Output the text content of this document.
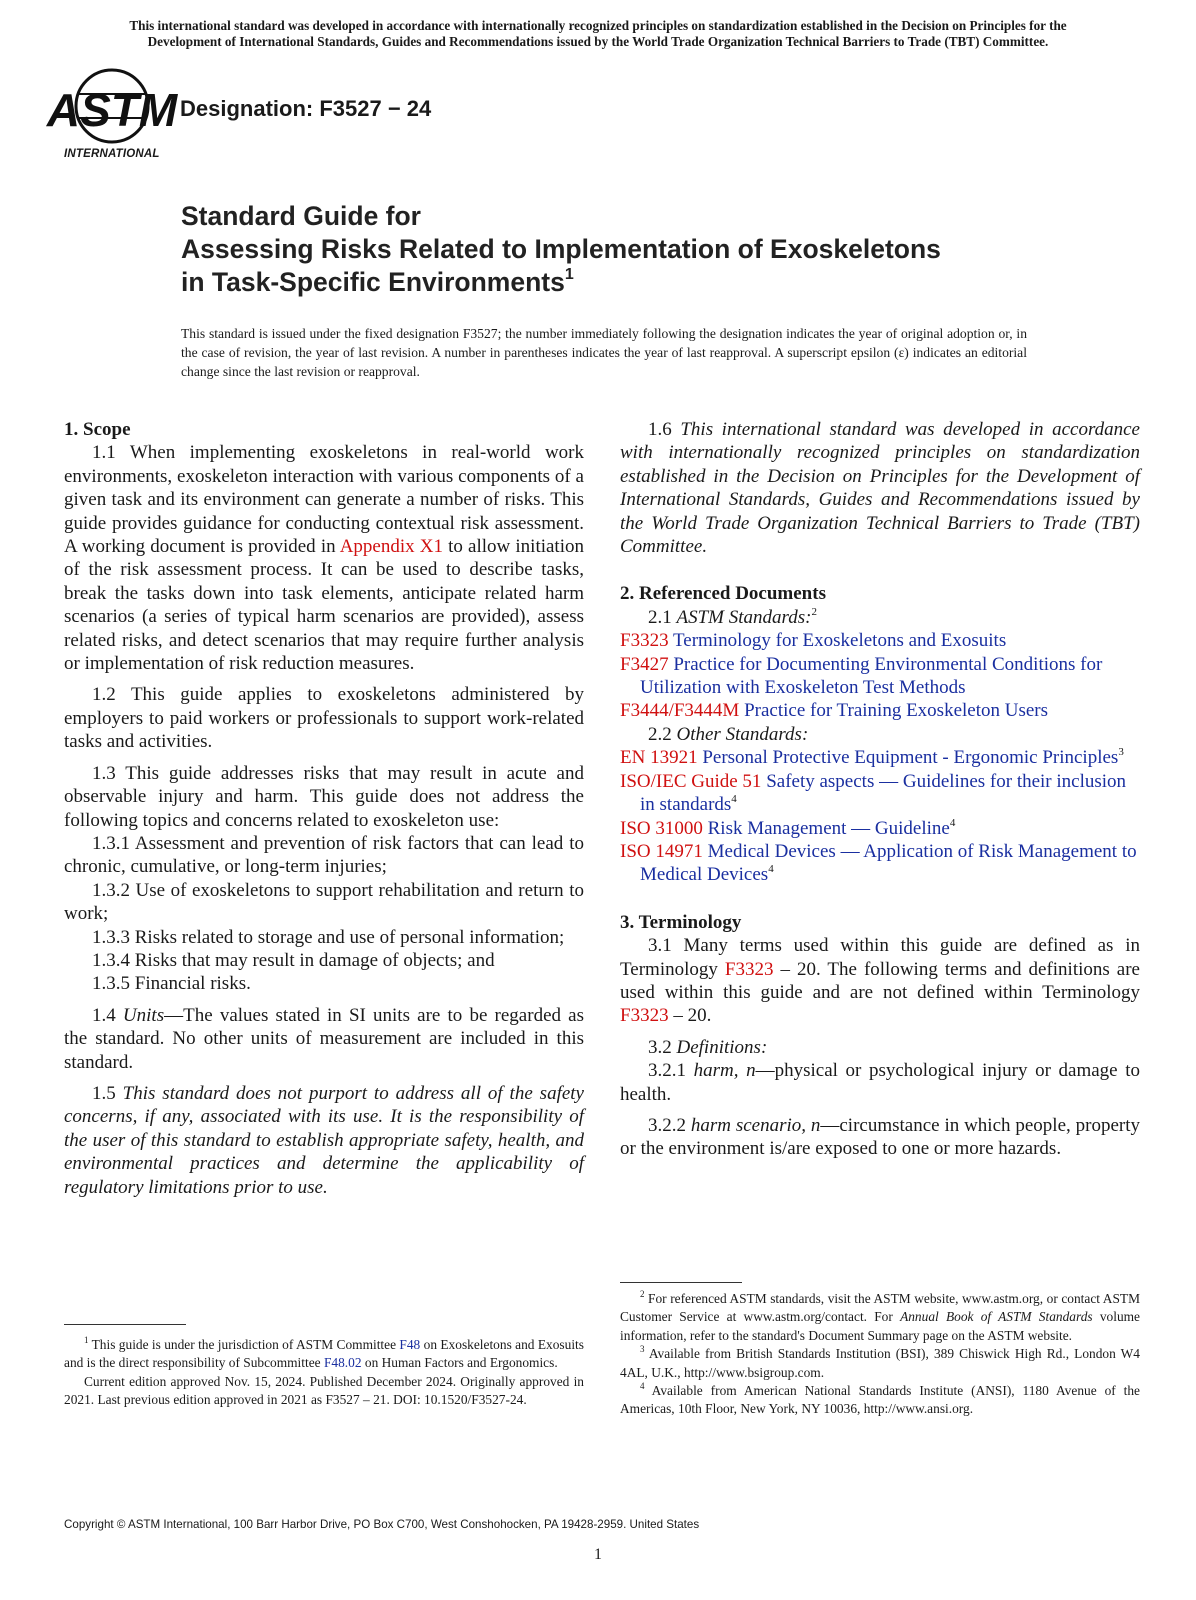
This international standard was developed in accordance with internationally recognized principles on standardization established in the Decision on Principles for the
Development of International Standards, Guides and Recommendations issued by the World Trade Organization Technical Barriers to Trade (TBT) Committee.
ASTM
INTERNATIONAL
Designation: F3527 − 24
Standard Guide for
Assessing Risks Related to Implementation of Exoskeletons
in Task-Specific Environments$^1$
This standard is issued under the fixed designation F3527; the number immediately following the designation indicates the year of original adoption or, in the case of revision, the year of last revision. A number in parentheses indicates the year of last reapproval. A superscript epsilon (ε) indicates an editorial change since the last revision or reapproval.

1. Scope

1.1 When implementing exoskeletons in real-world work environments, exoskeleton interaction with various components of a given task and its environment can generate a number of risks. This guide provides guidance for conducting contextual risk assessment. A working document is provided in Appendix X1 to allow initiation of the risk assessment process. It can be used to describe tasks, break the tasks down into task elements, anticipate related harm scenarios (a series of typical harm scenarios are provided), assess related risks, and detect scenarios that may require further analysis or implementation of risk reduction measures.

1.2 This guide applies to exoskeletons administered by employers to paid workers or professionals to support work-related tasks and activities.

1.3 This guide addresses risks that may result in acute and observable injury and harm. This guide does not address the following topics and concerns related to exoskeleton use:

1.3.1 Assessment and prevention of risk factors that can lead to chronic, cumulative, or long-term injuries;

1.3.2 Use of exoskeletons to support rehabilitation and return to work;

1.3.3 Risks related to storage and use of personal information;

1.3.4 Risks that may result in damage of objects; and

1.3.5 Financial risks.

1.4 Units—The values stated in SI units are to be regarded as the standard. No other units of measurement are included in this standard.

1.5 This standard does not purport to address all of the safety concerns, if any, associated with its use. It is the responsibility of the user of this standard to establish appropriate safety, health, and environmental practices and determine the applicability of regulatory limitations prior to use.

1.6 This international standard was developed in accordance with internationally recognized principles on standardization established in the Decision on Principles for the Development of International Standards, Guides and Recommendations issued by the World Trade Organization Technical Barriers to Trade (TBT) Committee.

2. Referenced Documents

2.1 ASTM Standards:$^2$

F3323 Terminology for Exoskeletons and Exosuits

F3427 Practice for Documenting Environmental Conditions for Utilization with Exoskeleton Test Methods

F3444/F3444M Practice for Training Exoskeleton Users

2.2 Other Standards:

EN 13921 Personal Protective Equipment - Ergonomic Principles$^3$

ISO/IEC Guide 51 Safety aspects — Guidelines for their inclusion in standards$^4$

ISO 31000 Risk Management — Guideline$^4$

ISO 14971 Medical Devices — Application of Risk Management to Medical Devices$^4$

3. Terminology

3.1 Many terms used within this guide are defined as in Terminology F3323 – 20. The following terms and definitions are used within this guide and are not defined within Terminology F3323 – 20.

3.2 Definitions:

3.2.1 harm, n—physical or psychological injury or damage to health.

3.2.2 harm scenario, n—circumstance in which people, property or the environment is/are exposed to one or more hazards.

$^1$ This guide is under the jurisdiction of ASTM Committee F48 on Exoskeletons and Exosuits and is the direct responsibility of Subcommittee F48.02 on Human Factors and Ergonomics.

Current edition approved Nov. 15, 2024. Published December 2024. Originally approved in 2021. Last previous edition approved in 2021 as F3527 – 21. DOI: 10.1520/F3527-24.

$^2$ For referenced ASTM standards, visit the ASTM website, www.astm.org, or contact ASTM Customer Service at www.astm.org/contact. For Annual Book of ASTM Standards volume information, refer to the standard's Document Summary page on the ASTM website.

$^3$ Available from British Standards Institution (BSI), 389 Chiswick High Rd., London W4 4AL, U.K., http://www.bsigroup.com.

$^4$ Available from American National Standards Institute (ANSI), 1180 Avenue of the Americas, 10th Floor, New York, NY 10036, http://www.ansi.org.

Copyright © ASTM International, 100 Barr Harbor Drive, PO Box C700, West Conshohocken, PA 19428-2959. United States
1
